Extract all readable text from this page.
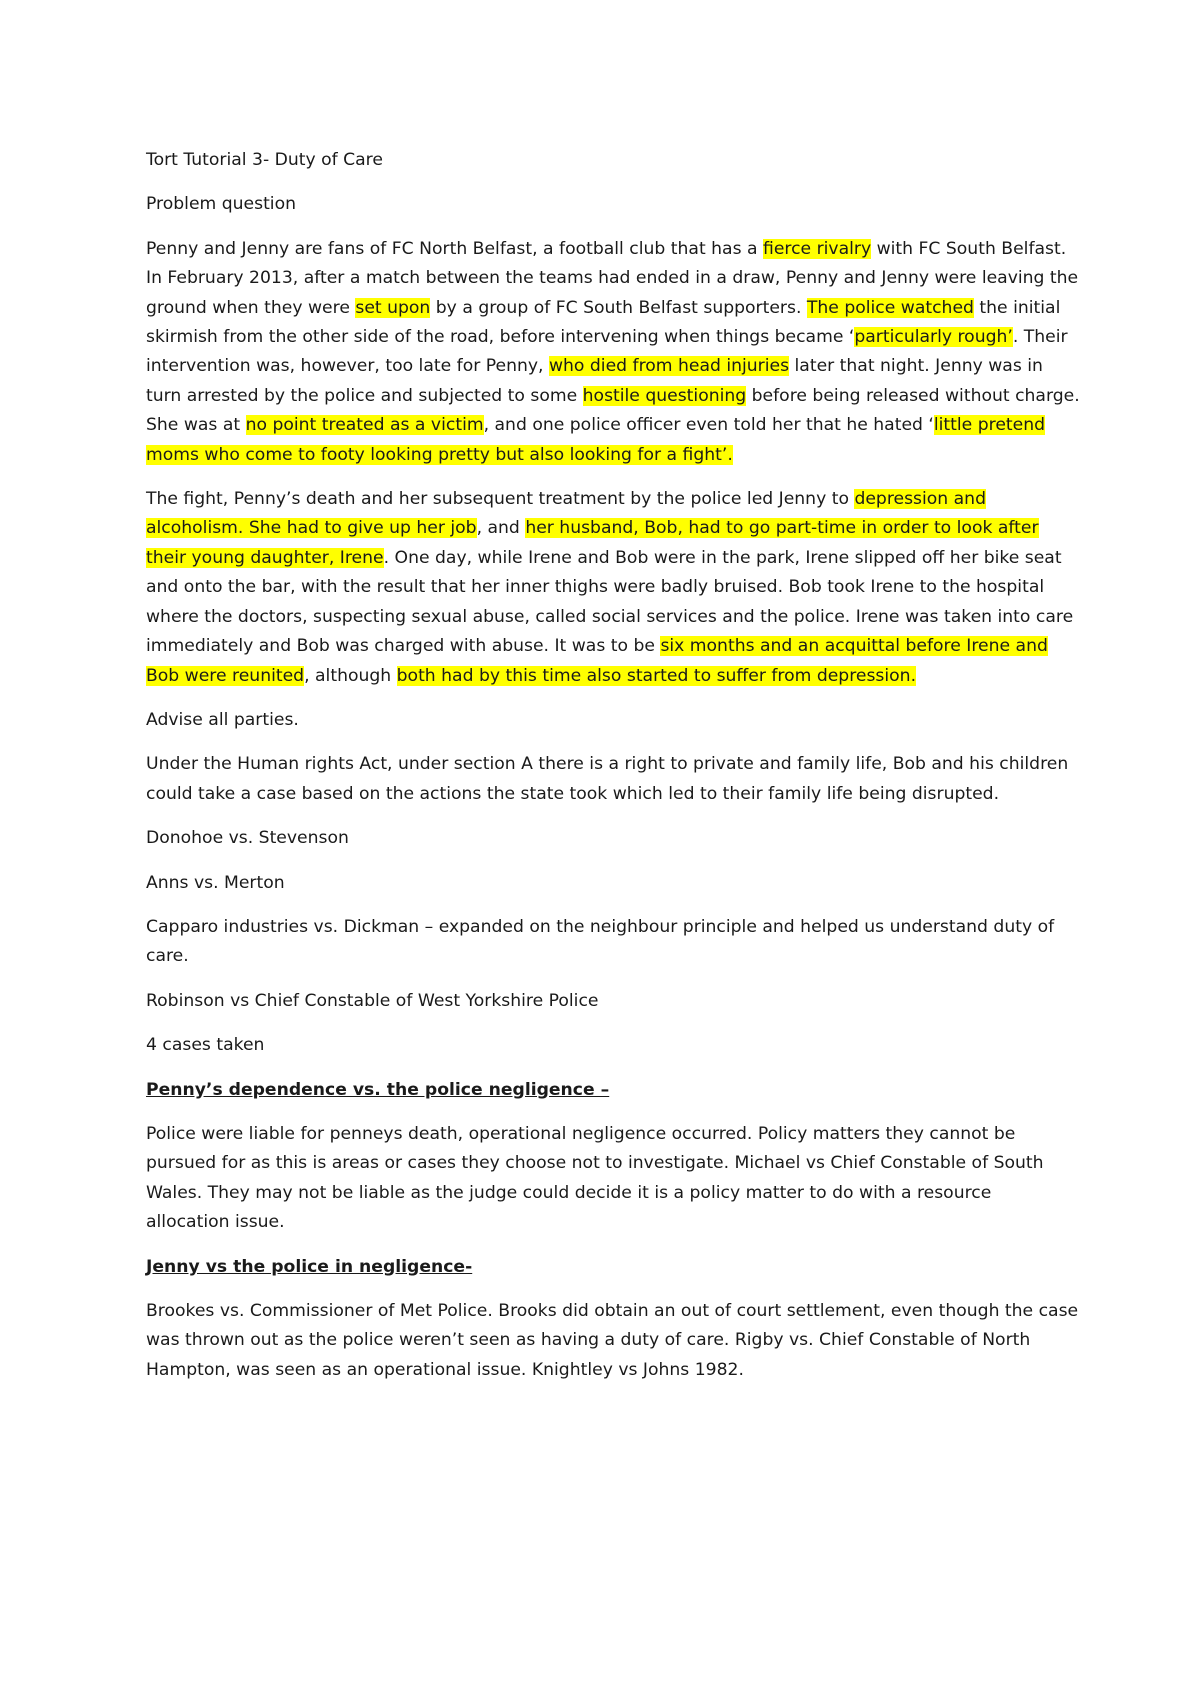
Tort Tutorial 3- Duty of Care

Problem question

Penny and Jenny are fans of FC North Belfast, a football club that has a fierce rivalry with FC South Belfast. In February 2013, after a match between the teams had ended in a draw, Penny and Jenny were leaving the ground when they were set upon by a group of FC South Belfast supporters. The police watched the initial skirmish from the other side of the road, before intervening when things became ‘particularly rough’. Their intervention was, however, too late for Penny, who died from head injuries later that night. Jenny was in turn arrested by the police and subjected to some hostile questioning before being released without charge. She was at no point treated as a victim, and one police officer even told her that he hated ‘little pretend moms who come to footy looking pretty but also looking for a fight’.

The fight, Penny’s death and her subsequent treatment by the police led Jenny to depression and alcoholism. She had to give up her job, and her husband, Bob, had to go part-time in order to look after their young daughter, Irene. One day, while Irene and Bob were in the park, Irene slipped off her bike seat and onto the bar, with the result that her inner thighs were badly bruised. Bob took Irene to the hospital where the doctors, suspecting sexual abuse, called social services and the police. Irene was taken into care immediately and Bob was charged with abuse. It was to be six months and an acquittal before Irene and Bob were reunited, although both had by this time also started to suffer from depression.

Advise all parties.

Under the Human rights Act, under section A there is a right to private and family life, Bob and his children could take a case based on the actions the state took which led to their family life being disrupted.

Donohoe vs. Stevenson

Anns vs. Merton

Capparo industries vs. Dickman – expanded on the neighbour principle and helped us understand duty of care.

Robinson vs Chief Constable of West Yorkshire Police

4 cases taken

Penny’s dependence vs. the police negligence –

Police were liable for penneys death, operational negligence occurred. Policy matters they cannot be pursued for as this is areas or cases they choose not to investigate. Michael vs Chief Constable of South Wales. They may not be liable as the judge could decide it is a policy matter to do with a resource allocation issue.

Jenny vs the police in negligence-

Brookes vs. Commissioner of Met Police. Brooks did obtain an out of court settlement, even though the case was thrown out as the police weren’t seen as having a duty of care. Rigby vs. Chief Constable of North Hampton, was seen as an operational issue. Knightley vs Johns 1982.
